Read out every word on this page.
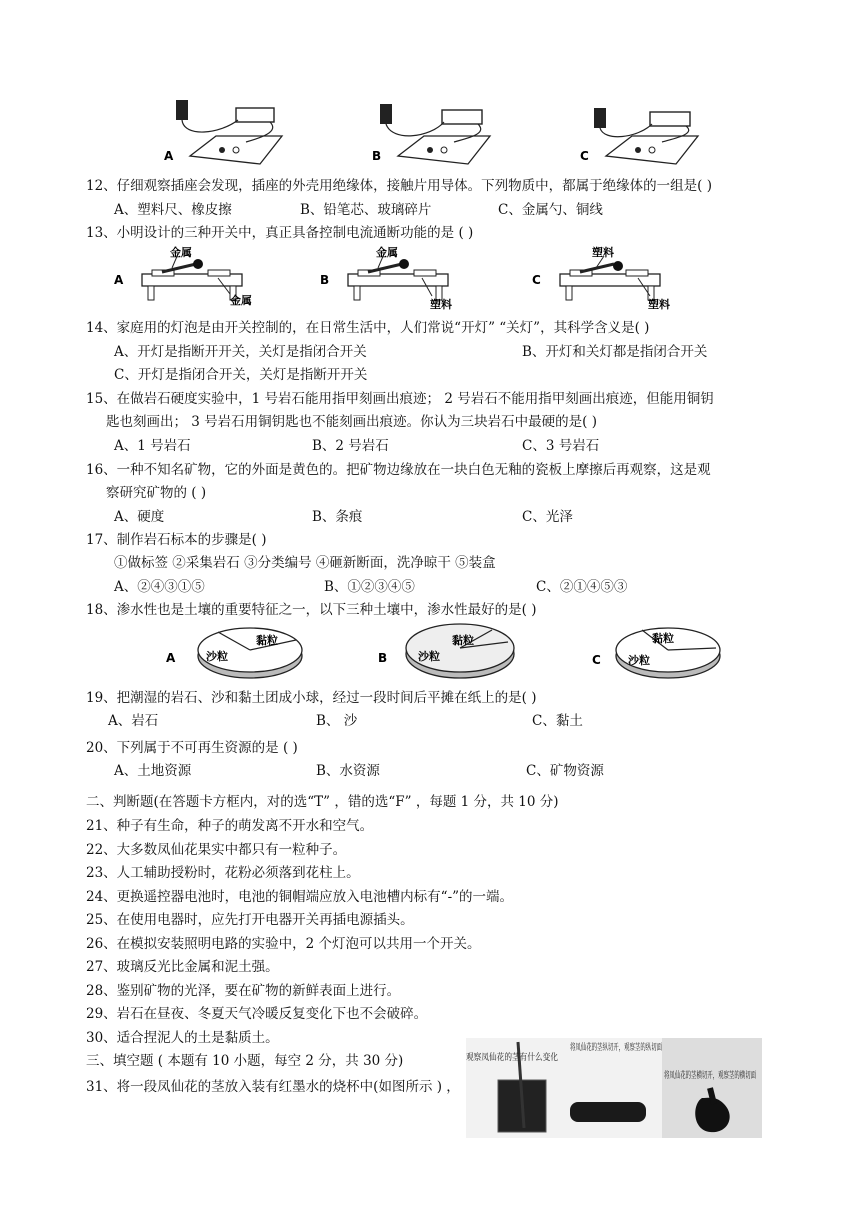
A	B	C
12、仔细观察插座会发现，插座的外壳用绝缘体，接触片用导体。下列物质中，都属于绝缘体的一组是( )
A、塑料尺、橡皮擦	B、铅笔芯、玻璃碎片	C、金属勺、铜线
13、小明设计的三种开关中，真正具备控制电流通断功能的是 ( )
A
金属
金属
B
金属
塑料
C
塑料
塑料
14、家庭用的灯泡是由开关控制的，在日常生活中，人们常说“开灯” “关灯”，其科学含义是( )
A、开灯是指断开开关，关灯是指闭合开关	B、开灯和关灯都是指闭合开关
C、开灯是指闭合开关，关灯是指断开开关
15、在做岩石硬度实验中，1 号岩石能用指甲刻画出痕迹； 2 号岩石不能用指甲刻画出痕迹，但能用铜钥
匙也刻画出； 3 号岩石用铜钥匙也不能刻画出痕迹。你认为三块岩石中最硬的是( )
A、1 号岩石	B、2 号岩石	C、3 号岩石
16、一种不知名矿物，它的外面是黄色的。把矿物边缘放在一块白色无釉的瓷板上摩擦后再观察，这是观
察研究矿物的 ( )
A、硬度	B、条痕	C、光泽
17、制作岩石标本的步骤是( )
①做标签 ②采集岩石 ③分类编号 ④砸新断面，洗净晾干 ⑤装盒
A、②④③①⑤	B、①②③④⑤	C、②①④⑤③
18、渗水性也是土壤的重要特征之一，以下三种土壤中，渗水性最好的是( )
A
黏粒
沙粒	B
黏粒
沙粒	C
黏粒
沙粒
19、把潮湿的岩石、沙和黏土团成小球，经过一段时间后平摊在纸上的是( )
A、岩石	B、 沙	C、黏土
20、下列属于不可再生资源的是 ( )
A、土地资源	B、水资源	C、矿物资源
二、判断题(在答题卡方框内，对的选“T” ，错的选“F” ，每题 1 分，共 10 分)
21、种子有生命，种子的萌发离不开水和空气。
22、大多数凤仙花果实中都只有一粒种子。
23、人工辅助授粉时，花粉必须落到花柱上。
24、更换遥控器电池时，电池的铜帽端应放入电池槽内标有“-”的一端。
25、在使用电器时，应先打开电器开关再插电源插头。
26、在模拟安装照明电路的实验中，2 个灯泡可以共用一个开关。
27、玻璃反光比金属和泥土强。
28、鉴别矿物的光泽，要在矿物的新鲜表面上进行。
29、岩石在昼夜、冬夏天气冷暖反复变化下也不会破碎。
30、适合捏泥人的土是黏质土。
三、填空题 ( 本题有 10 小题，每空 2 分，共 30 分)
31、将一段凤仙花的茎放入装有红墨水的烧杯中(如图所示 ) ，
观察凤仙花的茎有什么变化
将凤仙花的茎纵切开，观察茎的纵切面
将凤仙花的茎横切开，观察茎的横切面
